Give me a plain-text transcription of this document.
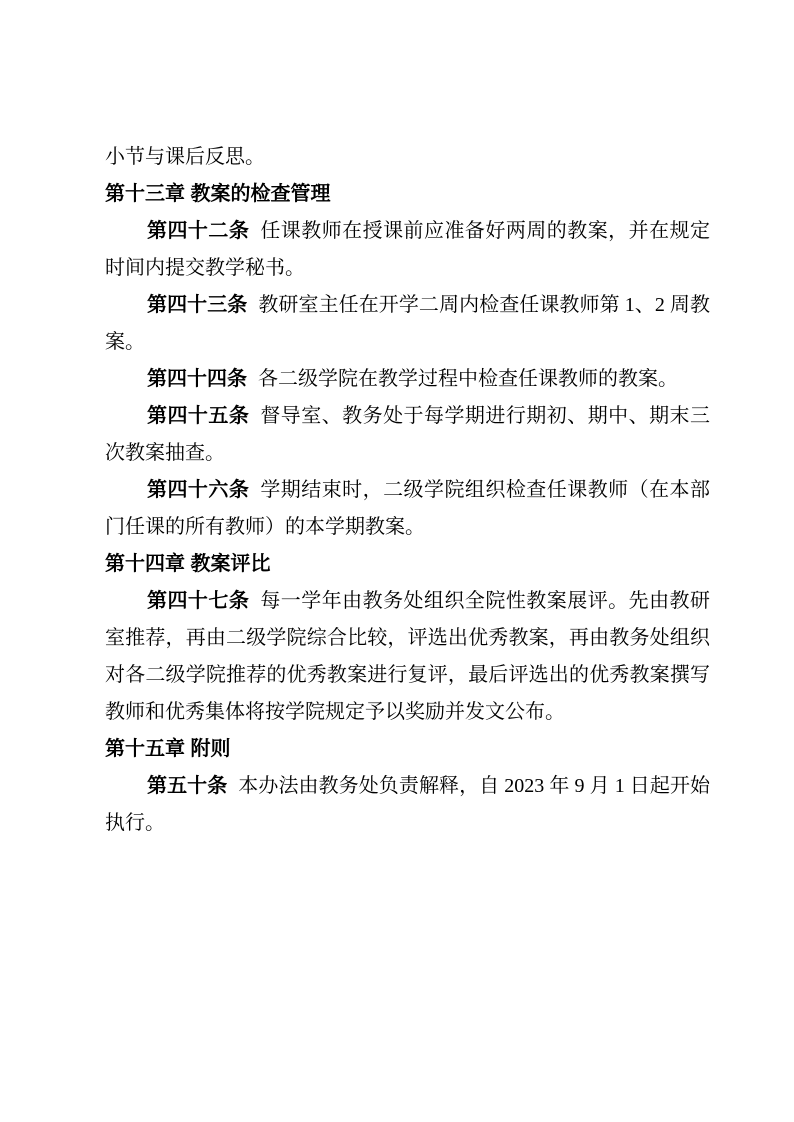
小节与课后反思。

第十三章 教案的检查管理

第四十二条 任课教师在授课前应准备好两周的教案，并在规定时间内提交教学秘书。

第四十三条 教研室主任在开学二周内检查任课教师第 1、2 周教案。

第四十四条 各二级学院在教学过程中检查任课教师的教案。

第四十五条 督导室、教务处于每学期进行期初、期中、期末三次教案抽查。

第四十六条 学期结束时，二级学院组织检查任课教师（在本部门任课的所有教师）的本学期教案。

第十四章 教案评比

第四十七条 每一学年由教务处组织全院性教案展评。先由教研室推荐，再由二级学院综合比较，评选出优秀教案，再由教务处组织对各二级学院推荐的优秀教案进行复评，最后评选出的优秀教案撰写教师和优秀集体将按学院规定予以奖励并发文公布。

第十五章 附则

第五十条 本办法由教务处负责解释，自 2023 年 9 月 1 日起开始执行。
